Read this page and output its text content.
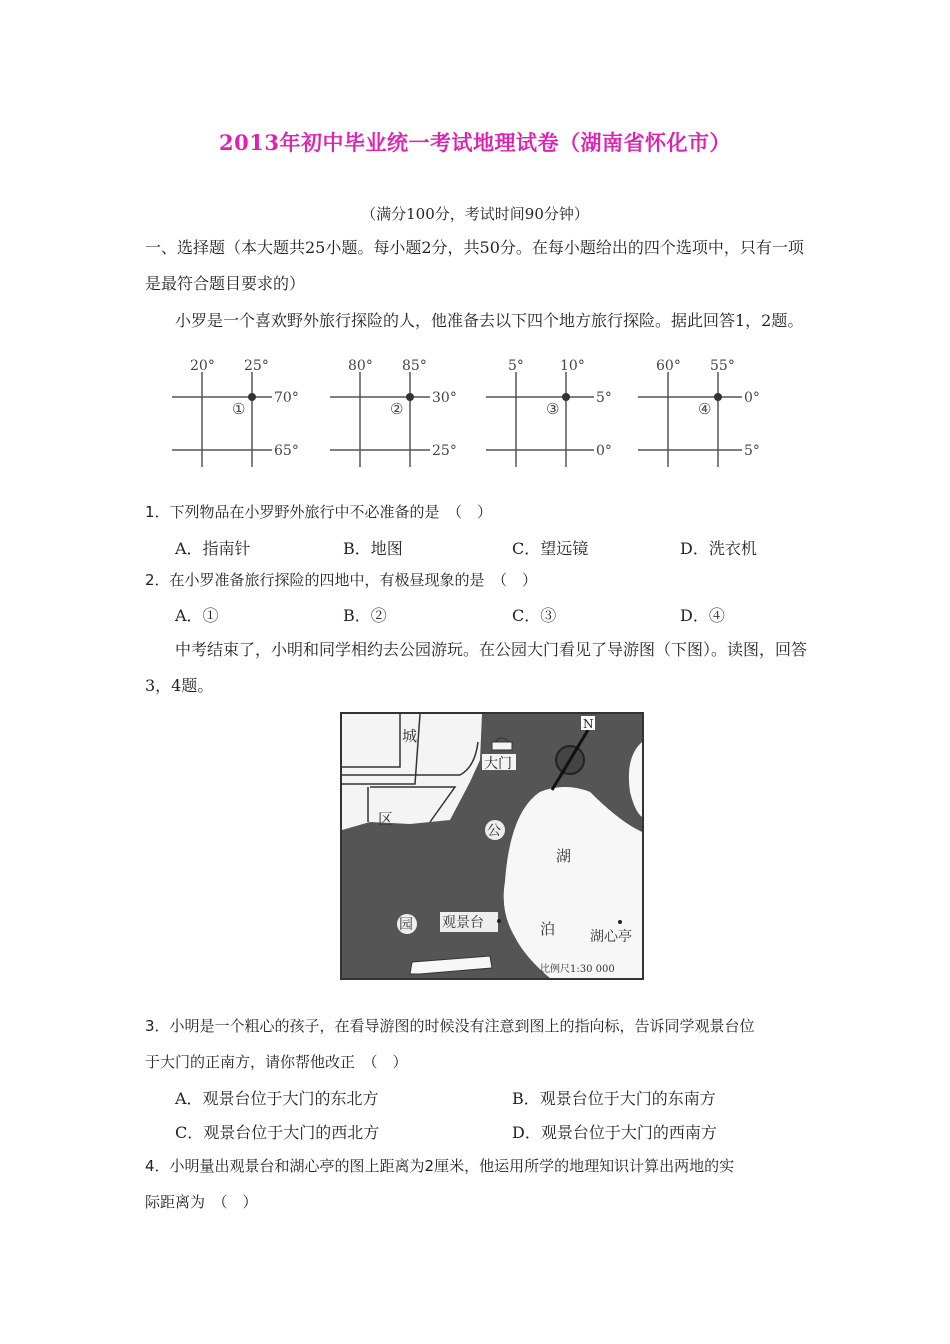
2013年初中毕业统一考试地理试卷（湖南省怀化市）
（满分100分，考试时间90分钟）
一、选择题（本大题共25小题。每小题2分，共50分。在每小题给出的四个选项中，只有一项
是最符合题目要求的）
小罗是一个喜欢野外旅行探险的人，他准备去以下四个地方旅行探险。据此回答1，2题。
20° 25°
70°
65°
①
80° 85°
30°
25°
②
5°	10°
5°
0°
③
60° 55°
0°
5°
④
1．下列物品在小罗野外旅行中不必准备的是　（　）
A．指南针	B．地图	C．望远镜	D．洗衣机
2．在小罗准备旅行探险的四地中，有极昼现象的是　（　）
A．①	B．②	C．③	D．④
中考结束了，小明和同学相约去公园游玩。在公园大门看见了导游图（下图）。读图，回答
3，4题。
N
城
区
公
园
大门
湖
泊
观景台
湖心亭
比例尺1:30 000
3．小明是一个粗心的孩子，在看导游图的时候没有注意到图上的指向标，告诉同学观景台位
于大门的正南方，请你帮他改正　（　）
A．观景台位于大门的东北方	B．观景台位于大门的东南方
C．观景台位于大门的西北方	D．观景台位于大门的西南方
4．小明量出观景台和湖心亭的图上距离为2厘米，他运用所学的地理知识计算出两地的实
际距离为　（　）
